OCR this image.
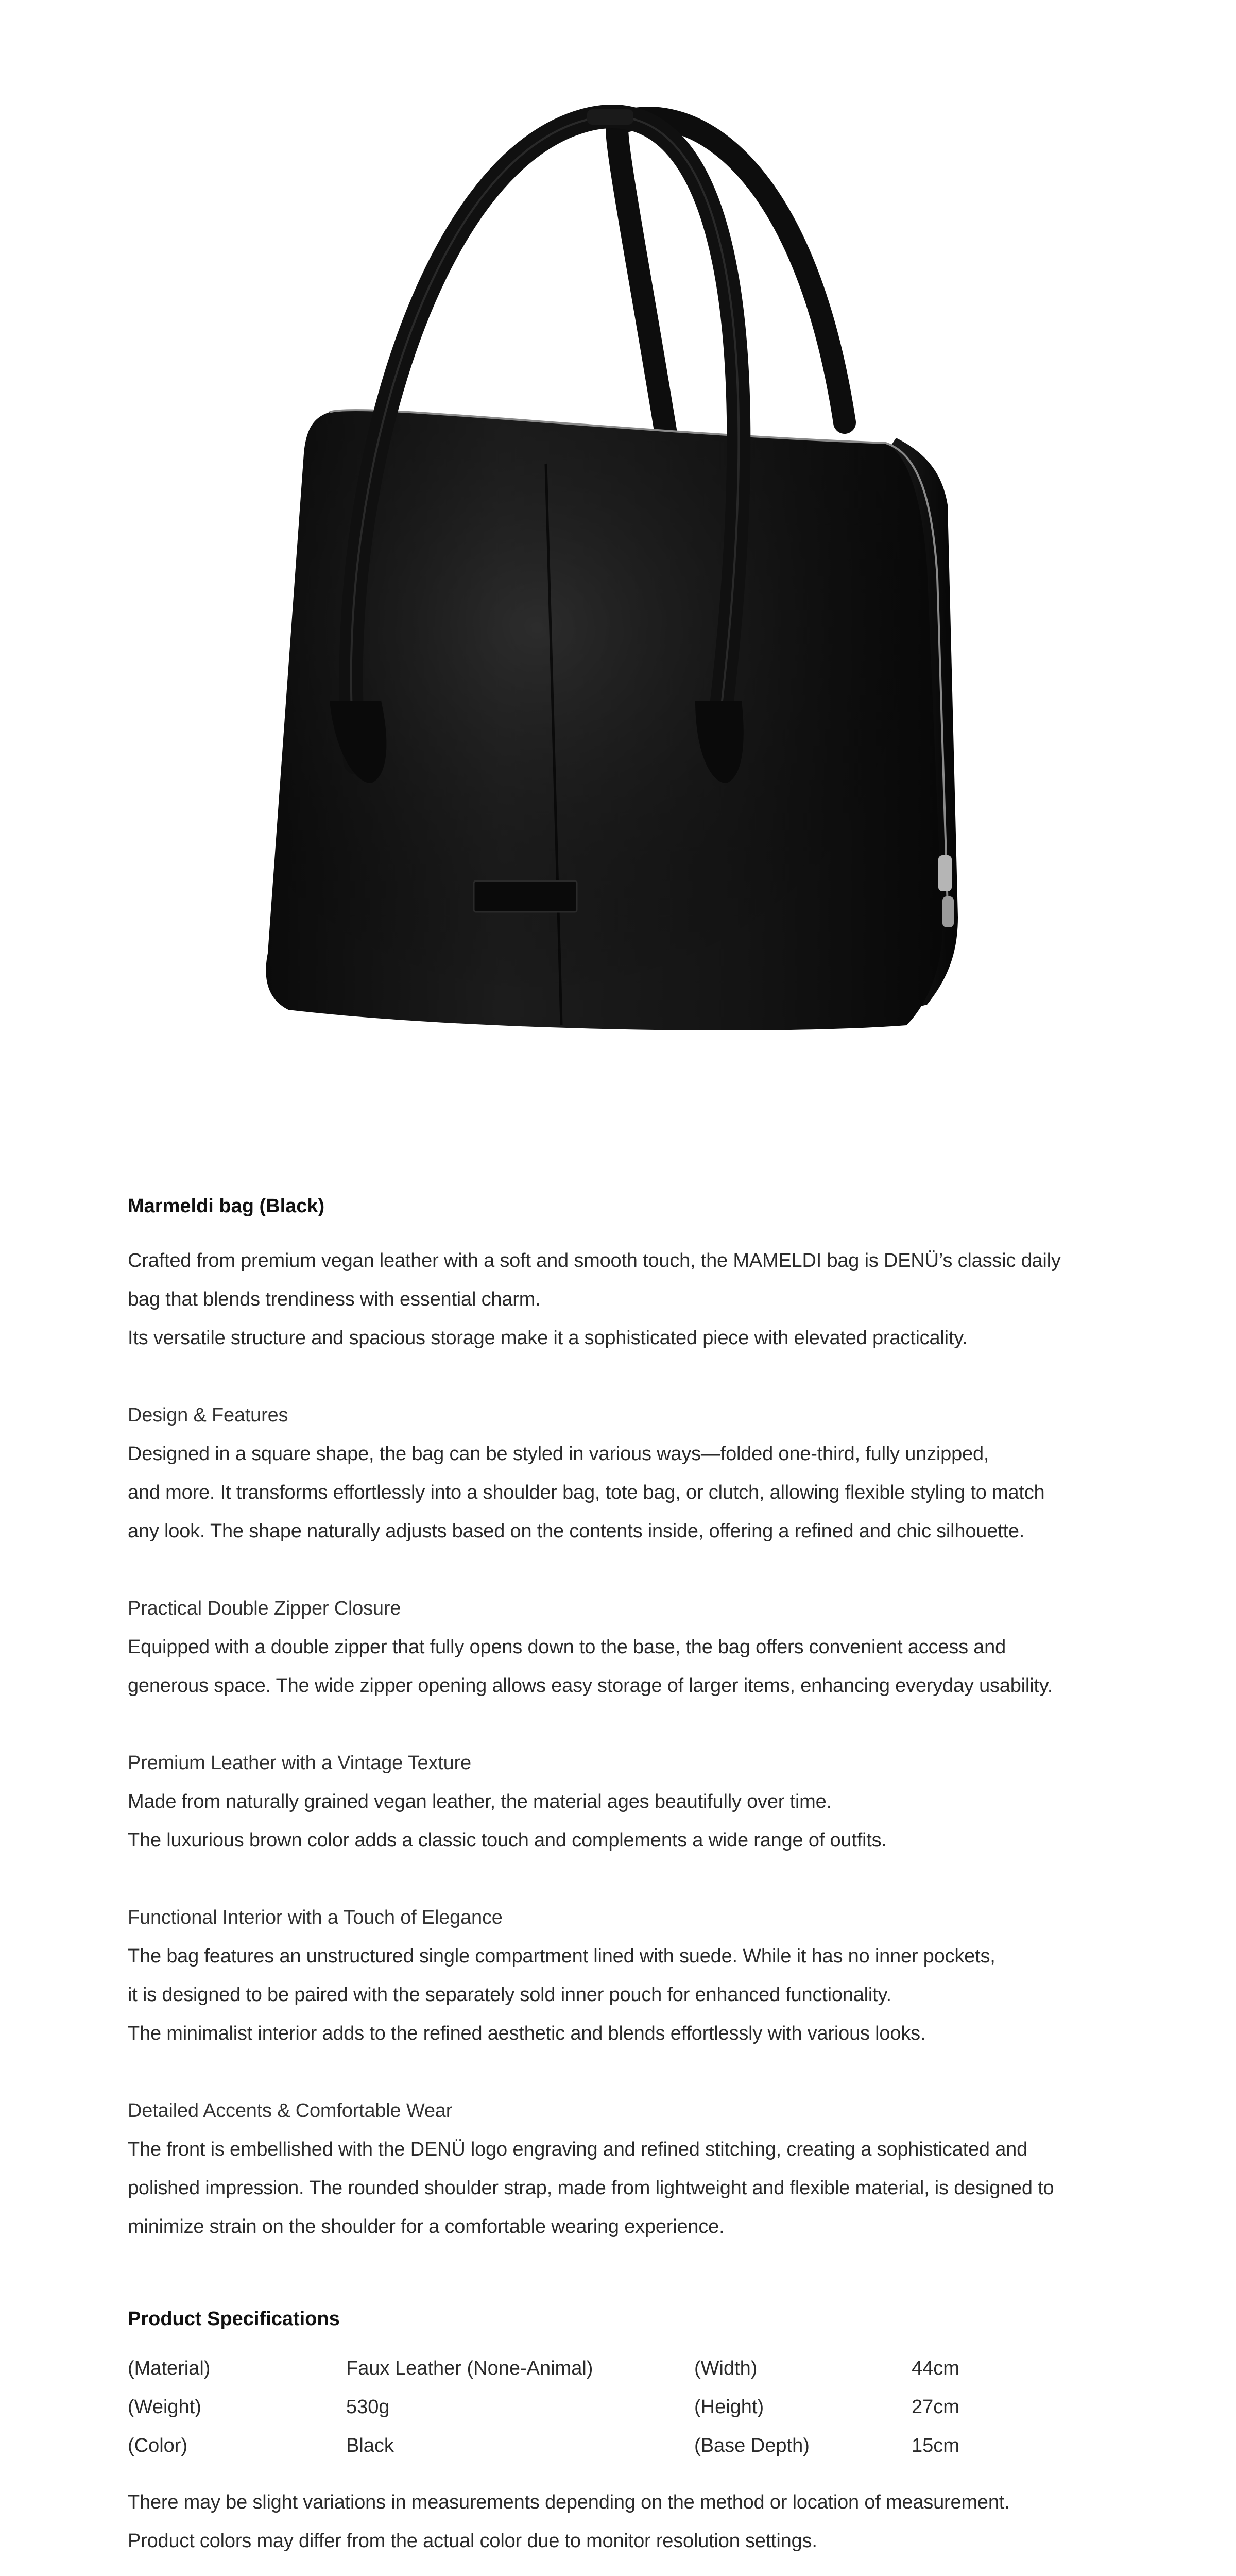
Marmeldi bag (Black)
Crafted from premium vegan leather with a soft and smooth touch, the MAMELDI bag is DENÜ’s classic daily
bag that blends trendiness with essential charm.
Its versatile structure and spacious storage make it a sophisticated piece with elevated practicality.
Design & Features
Designed in a square shape, the bag can be styled in various ways—folded one-third, fully unzipped,
and more. It transforms effortlessly into a shoulder bag, tote bag, or clutch, allowing flexible styling to match
any look. The shape naturally adjusts based on the contents inside, offering a refined and chic silhouette.
Practical Double Zipper Closure
Equipped with a double zipper that fully opens down to the base, the bag offers convenient access and
generous space. The wide zipper opening allows easy storage of larger items, enhancing everyday usability.
Premium Leather with a Vintage Texture
Made from naturally grained vegan leather, the material ages beautifully over time.
The luxurious brown color adds a classic touch and complements a wide range of outfits.
Functional Interior with a Touch of Elegance
The bag features an unstructured single compartment lined with suede. While it has no inner pockets,
it is designed to be paired with the separately sold inner pouch for enhanced functionality.
The minimalist interior adds to the refined aesthetic and blends effortlessly with various looks.
Detailed Accents & Comfortable Wear
The front is embellished with the DENÜ logo engraving and refined stitching, creating a sophisticated and
polished impression. The rounded shoulder strap, made from lightweight and flexible material, is designed to
minimize strain on the shoulder for a comfortable wearing experience.
Product Specifications
(Material)	Faux Leather (None-Animal)	(Width)	44cm
(Weight)	530g	(Height)	27cm
(Color)	Black	(Base Depth)	15cm
There may be slight variations in measurements depending on the method or location of measurement.
Product colors may differ from the actual color due to monitor resolution settings.
